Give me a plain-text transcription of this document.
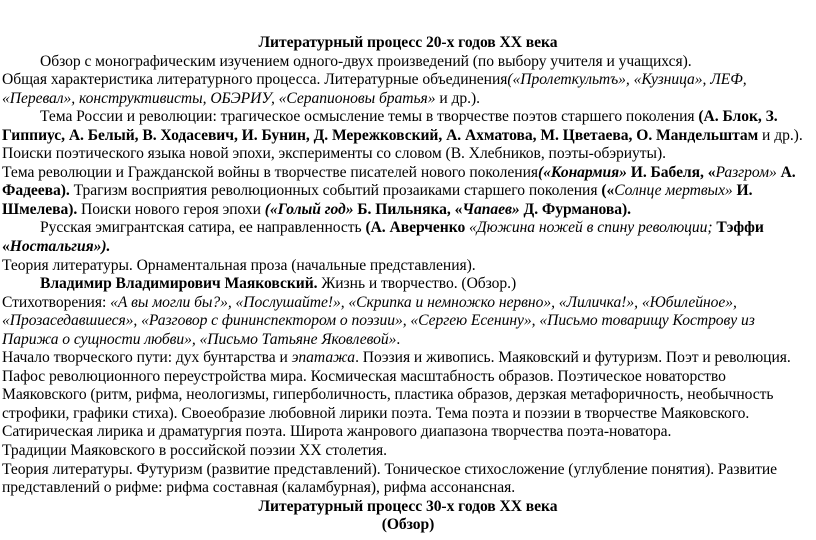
Литературный процесс 20-х годов XX века

Обзор с монографическим изучением одного-двух произведений (по выбору учителя и учащихся).

Общая характеристика литературного процесса. Литературные объединения(«Пролеткультъ», «Кузница», ЛЕФ, «Перевал», конструктивисты, ОБЭРИУ, «Серапионовы братья» и др.).

Тема России и революции: трагическое осмысление темы в творчестве поэтов старшего поколения (А. Блок, З. Гиппиус, А. Белый, В. Ходасевич, И. Бунин, Д. Мережковский, А. Ахматова, М. Цветаева, О. Мандельштам и др.).

Поиски поэтического языка новой эпохи, эксперименты со словом (В. Хлебников, поэты-обэриуты).

Тема революции и Гражданской войны в творчестве писателей нового поколения(«Конармия» И. Бабеля, «Разгром» А. Фадеева). Трагизм восприятия революционных событий прозаиками старшего поколения («Солнце мертвых» И. Шмелева). Поиски нового героя эпохи («Голый год» Б. Пильняка, «Чапаев» Д. Фурманова).

Русская эмигрантская сатира, ее направленность (А. Аверченко «Дюжина ножей в спину революции; Тэффи «Ностальгия»).

Теория литературы. Орнаментальная проза (начальные представления).

Владимир Владимирович Маяковский. Жизнь и творчество. (Обзор.)

Стихотворения: «А вы могли бы?», «Послушайте!», «Скрипка и немножко нервно», «Лиличка!», «Юбилейное», «Прозаседавшиеся», «Разговор с фининспектором о поэзии», «Сергею Есенину», «Письмо товарищу Кострову из Парижа о сущности любви», «Письмо Татьяне Яковлевой».

Начало творческого пути: дух бунтарства и эпатажа. Поэзия и живопись. Маяковский и футуризм. Поэт и революция. Пафос революционного переустройства мира. Космическая масштабность образов. Поэтическое новаторство Маяковского (ритм, рифма, неологизмы, гиперболичность, пластика образов, дерзкая метафоричность, необычность строфики, графики стиха). Своеобразие любовной лирики поэта. Тема поэта и поэзии в творчестве Маяковского. Сатирическая лирика и драматургия поэта. Широта жанрового диапазона творчества поэта-новатора.

Традиции Маяковского в российской поэзии XX столетия.

Теория литературы. Футуризм (развитие представлений). Тоническое стихосложение (углубление понятия). Развитие представлений о рифме: рифма составная (каламбурная), рифма ассонансная.

Литературный процесс 30-х годов XX века

(Обзор)
